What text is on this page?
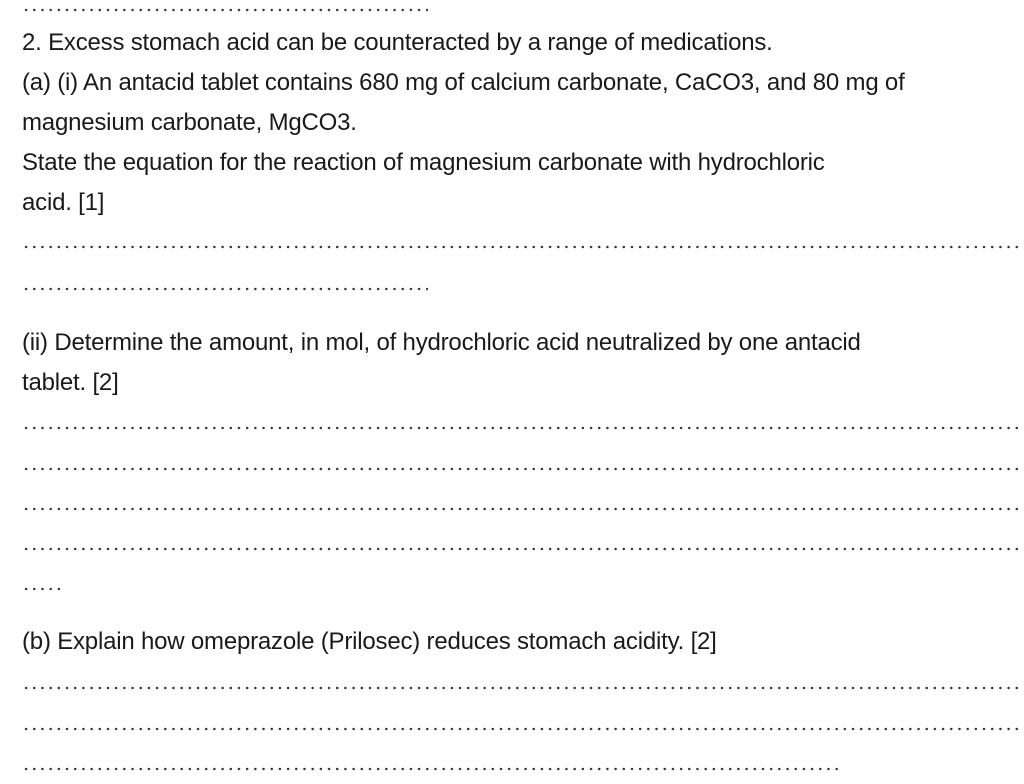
2. Excess stomach acid can be counteracted by a range of medications.
(a) (i) An antacid tablet contains 680 mg of calcium carbonate, CaCO3, and 80 mg of
magnesium carbonate, MgCO3.
State the equation for the reaction of magnesium carbonate with hydrochloric
acid. [1]
(ii) Determine the amount, in mol, of hydrochloric acid neutralized by one antacid
tablet. [2]
(b) Explain how omeprazole (Prilosec) reduces stomach acidity. [2]
